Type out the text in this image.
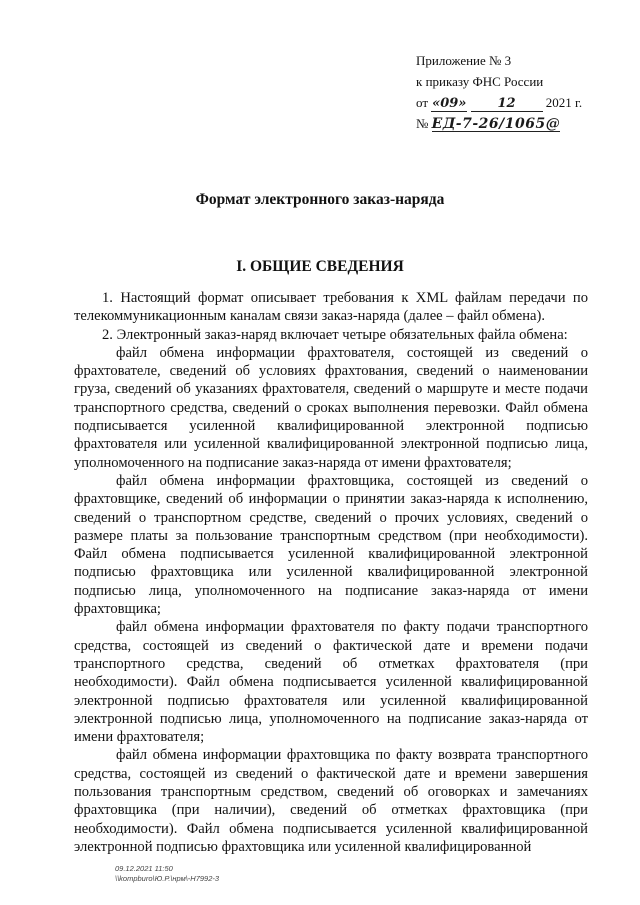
Приложение № 3
к приказу ФНС России
от «09» 12 2021 г.
№ ЕД-7-26/1065@
Формат электронного заказ-наряда
I. ОБЩИЕ СВЕДЕНИЯ

1. Настоящий формат описывает требования к XML файлам передачи по телекоммуникационным каналам связи заказ-наряда (далее – файл обмена).

2. Электронный заказ-наряд включает четыре обязательных файла обмена:

файл обмена информации фрахтователя, состоящей из сведений о фрахтователе, сведений об условиях фрахтования, сведений о наименовании груза, сведений об указаниях фрахтователя, сведений о маршруте и месте подачи транспортного средства, сведений о сроках выполнения перевозки. Файл обмена подписывается усиленной квалифицированной электронной подписью фрахтователя или усиленной квалифицированной электронной подписью лица, уполномоченного на подписание заказ-наряда от имени фрахтователя;

файл обмена информации фрахтовщика, состоящей из сведений о фрахтовщике, сведений об информации о принятии заказ-наряда к исполнению, сведений о транспортном средстве, сведений о прочих условиях, сведений о размере платы за пользование транспортным средством (при необходимости). Файл обмена подписывается усиленной квалифицированной электронной подписью фрахтовщика или усиленной квалифицированной электронной подписью лица, уполномоченного на подписание заказ-наряда от имени фрахтовщика;

файл обмена информации фрахтователя по факту подачи транспортного средства, состоящей из сведений о фактической дате и времени подачи транспортного средства, сведений об отметках фрахтователя (при необходимости). Файл обмена подписывается усиленной квалифицированной электронной подписью фрахтователя или усиленной квалифицированной электронной подписью лица, уполномоченного на подписание заказ-наряда от имени фрахтователя;

файл обмена информации фрахтовщика по факту возврата транспортного средства, состоящей из сведений о фактической дате и времени завершения пользования транспортным средством, сведений об оговорках и замечаниях фрахтовщика (при наличии), сведений об отметках фрахтовщика (при необходимости). Файл обмена подписывается усиленной квалифицированной электронной подписью фрахтовщика или усиленной квалифицированной

09.12.2021 11:50
\\kompburo\Ю.Р.\нрм\-Н7992-3
